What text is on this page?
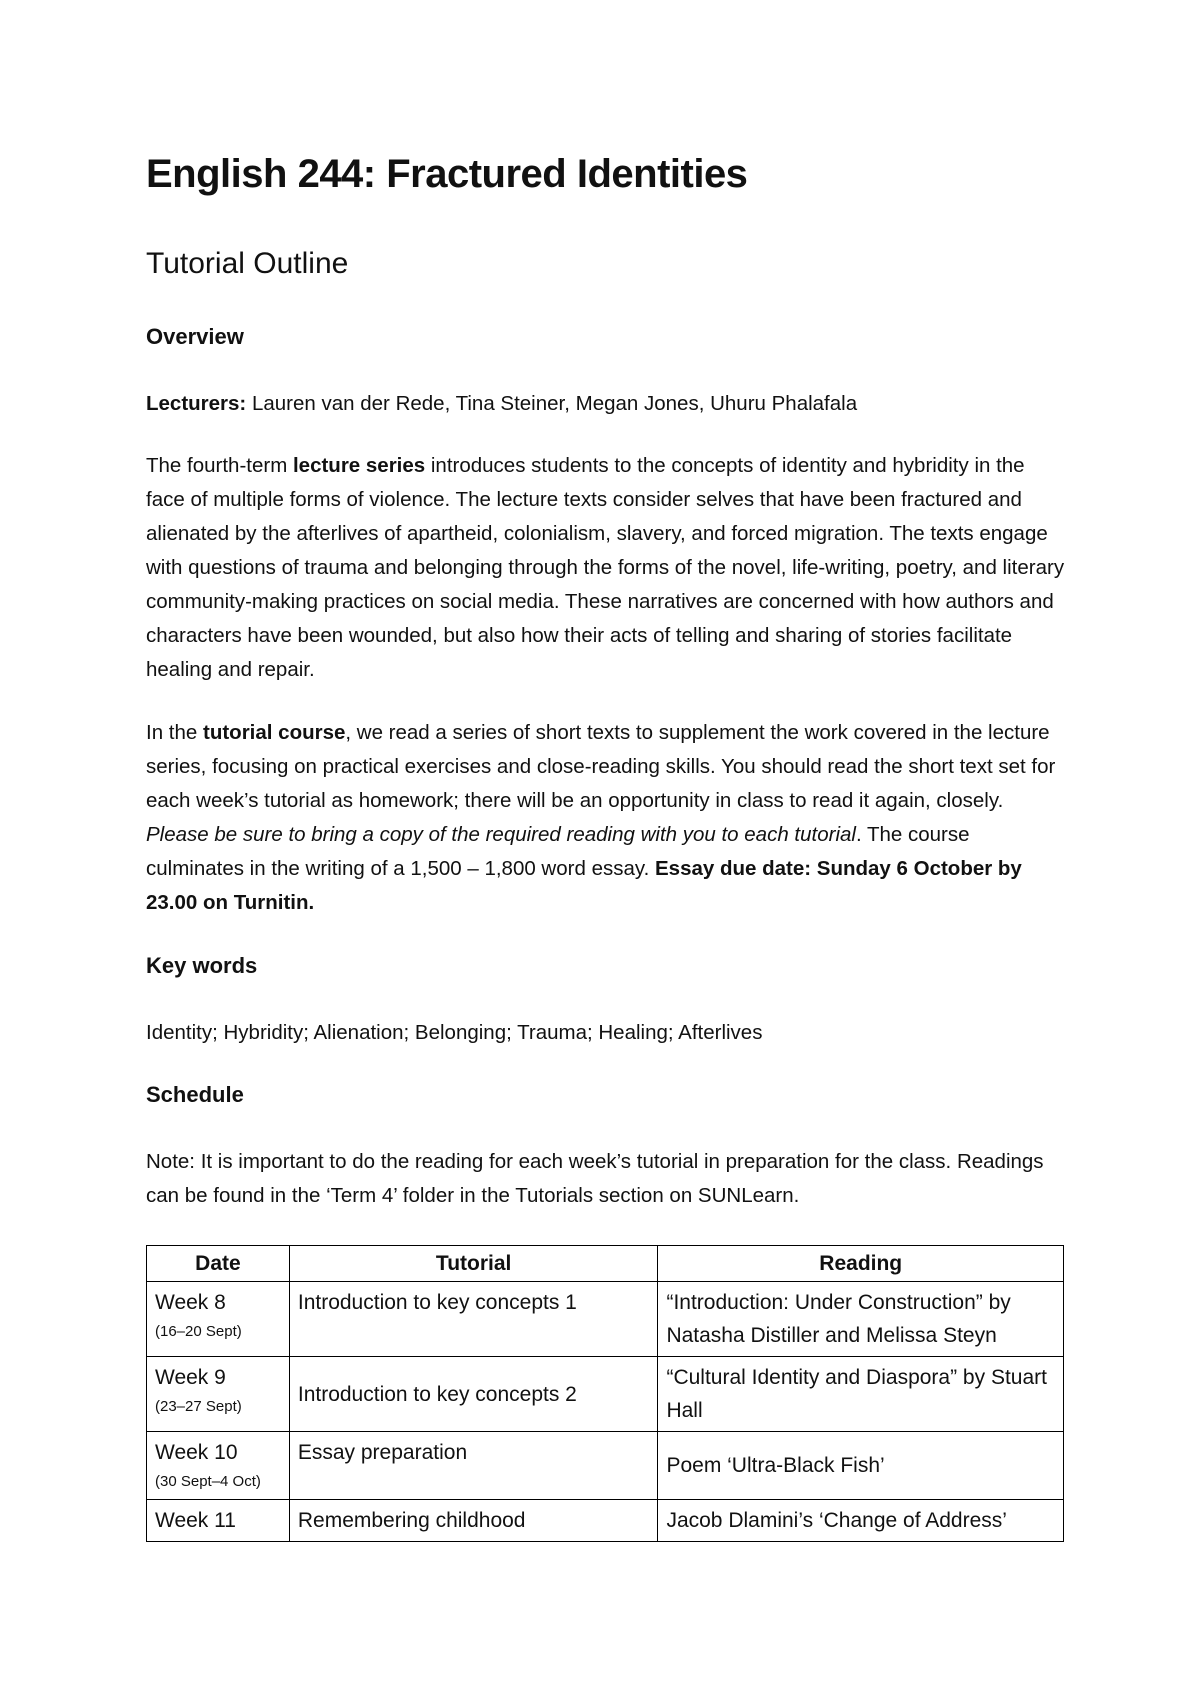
English 244: Fractured Identities
Tutorial Outline
Overview

Lecturers: Lauren van der Rede, Tina Steiner, Megan Jones, Uhuru Phalafala

The fourth-term lecture series introduces students to the concepts of identity and hybridity in the face of multiple forms of violence. The lecture texts consider selves that have been fractured and alienated by the afterlives of apartheid, colonialism, slavery, and forced migration. The texts engage with questions of trauma and belonging through the forms of the novel, life-writing, poetry, and literary community-making practices on social media. These narratives are concerned with how authors and characters have been wounded, but also how their acts of telling and sharing of stories facilitate healing and repair.

In the tutorial course, we read a series of short texts to supplement the work covered in the lecture series, focusing on practical exercises and close-reading skills. You should read the short text set for each week’s tutorial as homework; there will be an opportunity in class to read it again, closely. Please be sure to bring a copy of the required reading with you to each tutorial. The course culminates in the writing of a 1,500 – 1,800 word essay. Essay due date: Sunday 6 October by 23.00 on Turnitin.

Key words

Identity; Hybridity; Alienation; Belonging; Trauma; Healing; Afterlives

Schedule

Note: It is important to do the reading for each week’s tutorial in preparation for the class. Readings can be found in the ‘Term 4’ folder in the Tutorials section on SUNLearn.

Date	Tutorial	Reading
Week 8
(16–20 Sept)	Introduction to key concepts 1	“Introduction: Under Construction” by Natasha Distiller and Melissa Steyn
Week 9
(23–27 Sept)	Introduction to key concepts 2	“Cultural Identity and Diaspora” by Stuart Hall
Week 10
(30 Sept–4 Oct)	Essay preparation	Poem ‘Ultra-Black Fish’
Week 11	Remembering childhood	Jacob Dlamini’s ‘Change of Address’
